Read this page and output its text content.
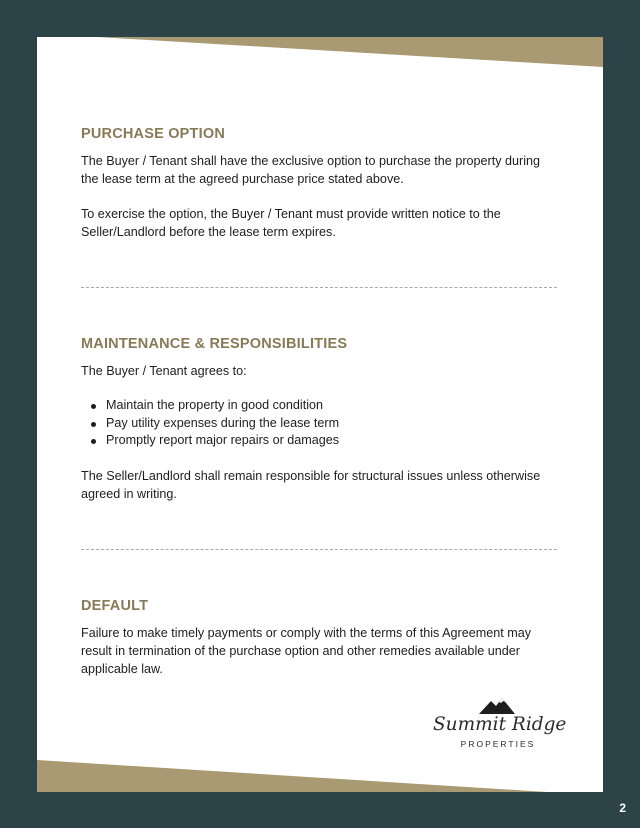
PURCHASE OPTION

The Buyer / Tenant shall have the exclusive option to purchase the property during the lease term at the agreed purchase price stated above.

To exercise the option, the Buyer / Tenant must provide written notice to the Seller/Landlord before the lease term expires.

MAINTENANCE & RESPONSIBILITIES

The Buyer / Tenant agrees to:

Maintain the property in good condition
Pay utility expenses during the lease term
Promptly report major repairs or damages

The Seller/Landlord shall remain responsible for structural issues unless otherwise agreed in writing.

DEFAULT

Failure to make timely payments or comply with the terms of this Agreement may result in termination of the purchase option and other remedies available under applicable law.

Summit Ridge
PROPERTIES
2
